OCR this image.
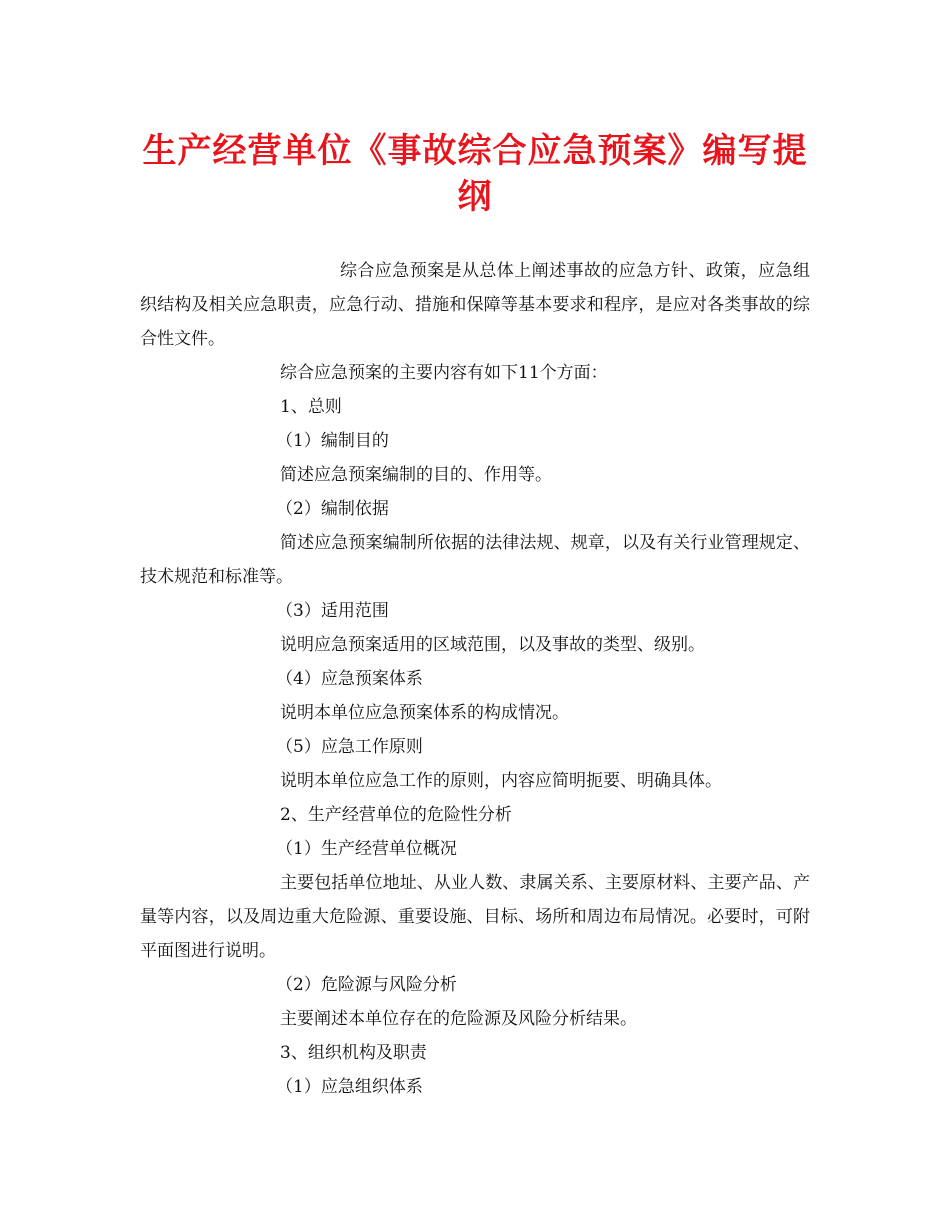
生产经营单位《事故综合应急预案》编写提纲

综合应急预案是从总体上阐述事故的应急方针、政策，应急组织结构及相关应急职责，应急行动、措施和保障等基本要求和程序，是应对各类事故的综合性文件。

综合应急预案的主要内容有如下11个方面：

1、总则

（1）编制目的

简述应急预案编制的目的、作用等。

（2）编制依据

简述应急预案编制所依据的法律法规、规章，以及有关行业管理规定、技术规范和标准等。

（3）适用范围

说明应急预案适用的区域范围，以及事故的类型、级别。

（4）应急预案体系

说明本单位应急预案体系的构成情况。

（5）应急工作原则

说明本单位应急工作的原则，内容应简明扼要、明确具体。

2、生产经营单位的危险性分析

（1）生产经营单位概况

主要包括单位地址、从业人数、隶属关系、主要原材料、主要产品、产量等内容，以及周边重大危险源、重要设施、目标、场所和周边布局情况。必要时，可附平面图进行说明。

（2）危险源与风险分析

主要阐述本单位存在的危险源及风险分析结果。

3、组织机构及职责

（1）应急组织体系
